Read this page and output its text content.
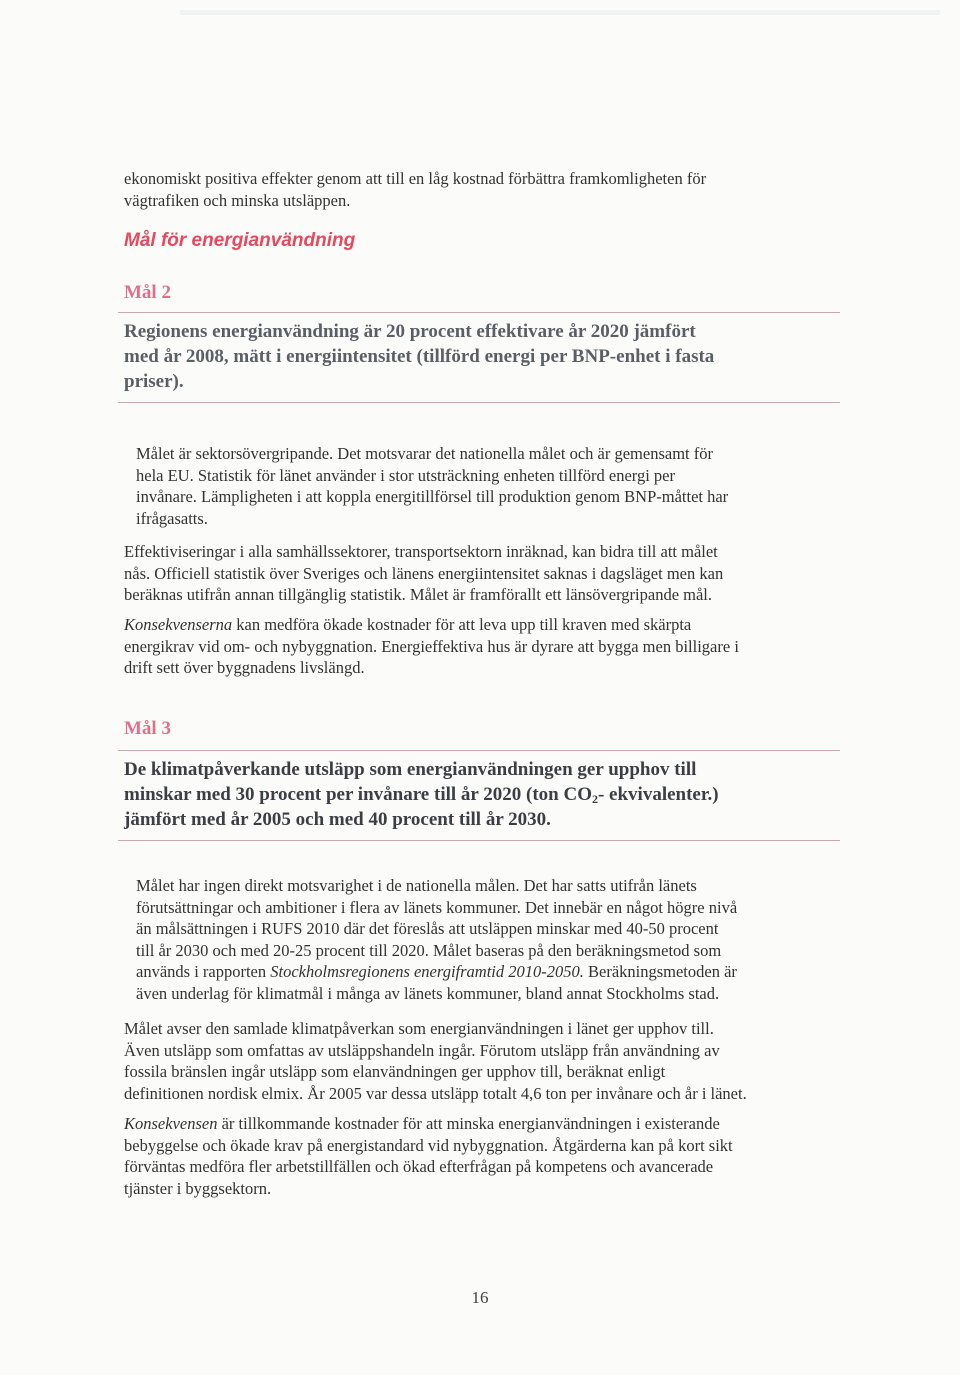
ekonomiskt positiva effekter genom att till en låg kostnad förbättra framkomligheten för
vägtrafiken och minska utsläppen.

Mål för energianvändning
Mål 2
Regionens energianvändning är 20 procent effektivare år 2020 jämfört
med år 2008, mätt i energiintensitet (tillförd energi per BNP-enhet i fasta
priser).

Målet är sektorsövergripande. Det motsvarar det nationella målet och är gemensamt för
hela EU. Statistik för länet använder i stor utsträckning enheten tillförd energi per
invånare. Lämpligheten i att koppla energitillförsel till produktion genom BNP-måttet har
ifrågasatts.

Effektiviseringar i alla samhällssektorer, transportsektorn inräknad, kan bidra till att målet
nås. Officiell statistik över Sveriges och länens energiintensitet saknas i dagsläget men kan
beräknas utifrån annan tillgänglig statistik. Målet är framförallt ett länsövergripande mål.

Konsekvenserna kan medföra ökade kostnader för att leva upp till kraven med skärpta
energikrav vid om- och nybyggnation. Energieffektiva hus är dyrare att bygga men billigare i
drift sett över byggnadens livslängd.

Mål 3
De klimatpåverkande utsläpp som energianvändningen ger upphov till
minskar med 30 procent per invånare till år 2020 (ton $CO_2-$ ekvivalenter.)
jämfört med år 2005 och med 40 procent till år 2030.

Målet har ingen direkt motsvarighet i de nationella målen. Det har satts utifrån länets
förutsättningar och ambitioner i flera av länets kommuner. Det innebär en något högre nivå
än målsättningen i RUFS 2010 där det föreslås att utsläppen minskar med 40-50 procent
till år 2030 och med 20-25 procent till 2020. Målet baseras på den beräkningsmetod som
används i rapporten Stockholmsregionens energiframtid 2010-2050. Beräkningsmetoden är
även underlag för klimatmål i många av länets kommuner, bland annat Stockholms stad.

Målet avser den samlade klimatpåverkan som energianvändningen i länet ger upphov till.
Även utsläpp som omfattas av utsläppshandeln ingår. Förutom utsläpp från användning av
fossila bränslen ingår utsläpp som elanvändningen ger upphov till, beräknat enligt
definitionen nordisk elmix. År 2005 var dessa utsläpp totalt 4,6 ton per invånare och år i länet.

Konsekvensen är tillkommande kostnader för att minska energianvändningen i existerande
bebyggelse och ökade krav på energistandard vid nybyggnation. Åtgärderna kan på kort sikt
förväntas medföra fler arbetstillfällen och ökad efterfrågan på kompetens och avancerade
tjänster i byggsektorn.

16
